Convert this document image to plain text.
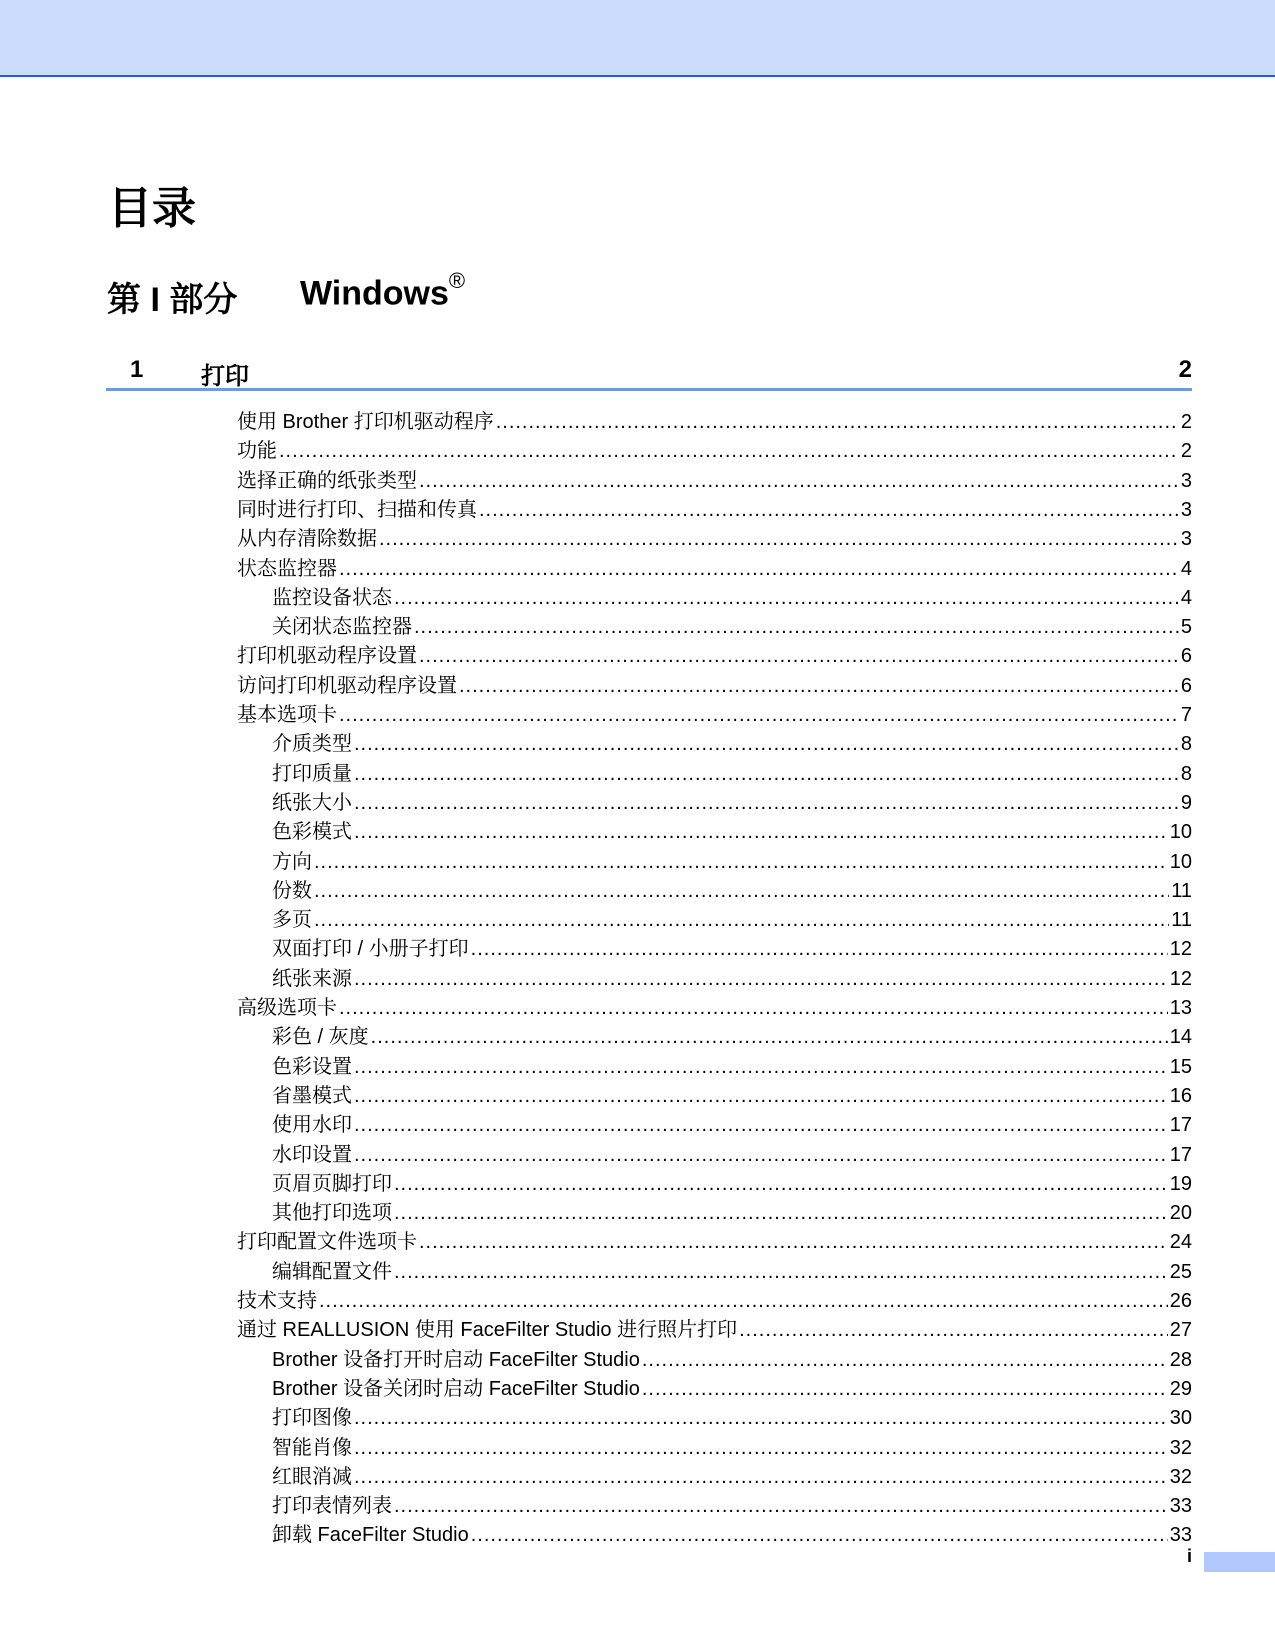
目录
第 I 部分 Windows®
1 打印	2
使用 Brother 打印机驱动程序 .....	2
功能 .....	2
选择正确的纸张类型 .....	3
同时进行打印、扫描和传真 .....	3
从内存清除数据 .....	3
状态监控器 .....	4
监控设备状态 .....	4
关闭状态监控器 .....	5
打印机驱动程序设置 .....	6
访问打印机驱动程序设置 .....	6
基本选项卡 .....	7
介质类型 .....	8
打印质量 .....	8
纸张大小 .....	9
色彩模式 .....	10
方向 .....	10
份数 .....	11
多页 .....	11
双面打印 / 小册子打印 .....	12
纸张来源 .....	12
高级选项卡 .....	13
彩色 / 灰度 .....	14
色彩设置 .....	15
省墨模式 .....	16
使用水印 .....	17
水印设置 .....	17
页眉页脚打印 .....	19
其他打印选项 .....	20
打印配置文件选项卡 .....	24
编辑配置文件 .....	25
技术支持 .....	26
通过 REALLUSION 使用 FaceFilter Studio 进行照片打印 .....	27
Brother 设备打开时启动 FaceFilter Studio .....	28
Brother 设备关闭时启动 FaceFilter Studio .....	29
打印图像 .....	30
智能肖像 .....	32
红眼消减 .....	32
打印表情列表 .....	33
卸载 FaceFilter Studio .....	33
i
